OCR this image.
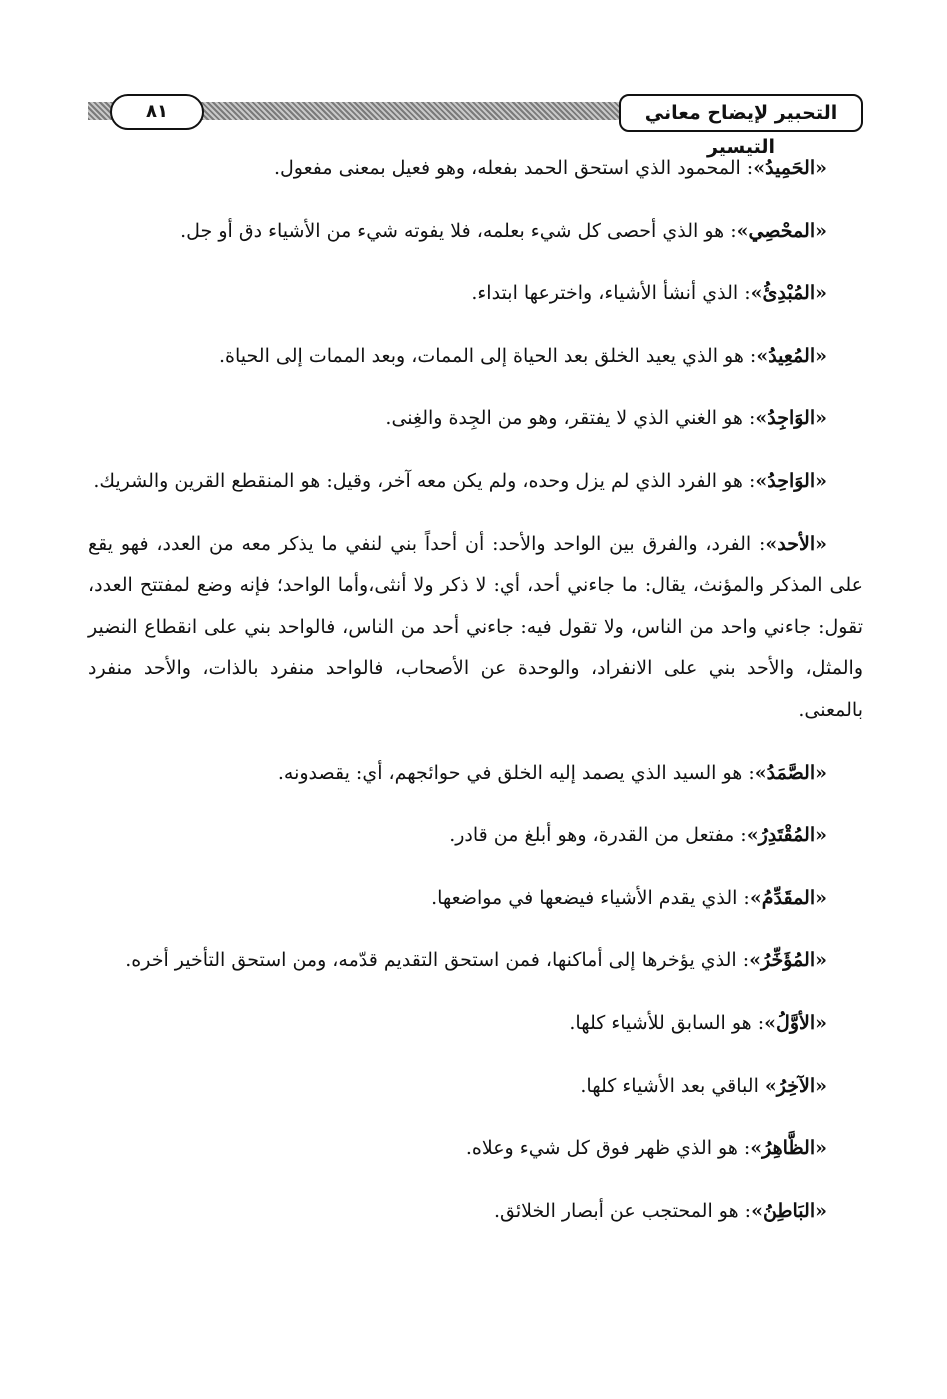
٨١	التحبير لإيضاح معاني التيسير

«الحَمِيدُ»: المحمود الذي استحق الحمد بفعله، وهو فعيل بمعنى مفعول.

«المحْصِي»: هو الذي أحصى كل شيء بعلمه، فلا يفوته شيء من الأشياء دق أو جل.

«المُبْدِئُ»: الذي أنشأ الأشياء، واخترعها ابتداء.

«المُعِيدُ»: هو الذي يعيد الخلق بعد الحياة إلى الممات، وبعد الممات إلى الحياة.

«الوَاجِدُ»: هو الغني الذي لا يفتقر، وهو من الجِدة والغِنى.

«الوَاحِدُ»: هو الفرد الذي لم يزل وحده، ولم يكن معه آخر، وقيل: هو المنقطع القرين والشريك.

«الأحد»: الفرد، والفرق بين الواحد والأحد: أن أحداً بني لنفي ما يذكر معه من العدد، فهو يقع على المذكر والمؤنث، يقال: ما جاءني أحد، أي: لا ذكر ولا أنثى،وأما الواحد؛ فإنه وضع لمفتتح العدد، تقول: جاءني واحد من الناس، ولا تقول فيه: جاءني أحد من الناس، فالواحد بني على انقطاع النضير والمثل، والأحد بني على الانفراد، والوحدة عن الأصحاب، فالواحد منفرد بالذات، والأحد منفرد بالمعنى.

«الصَّمَدُ»: هو السيد الذي يصمد إليه الخلق في حوائجهم، أي: يقصدونه.

«المُقْتَدِرُ»: مفتعل من القدرة، وهو أبلغ من قادر.

«المقَدِّمُ»: الذي يقدم الأشياء فيضعها في مواضعها.

«المُؤَخِّرُ»: الذي يؤخرها إلى أماكنها، فمن استحق التقديم قدّمه، ومن استحق التأخير أخره.

«الأوَّلُ»: هو السابق للأشياء كلها.

«الآخِرُ» الباقي بعد الأشياء كلها.

«الظَّاهِرُ»: هو الذي ظهر فوق كل شيء وعلاه.

«البَاطِنُ»: هو المحتجب عن أبصار الخلائق.
